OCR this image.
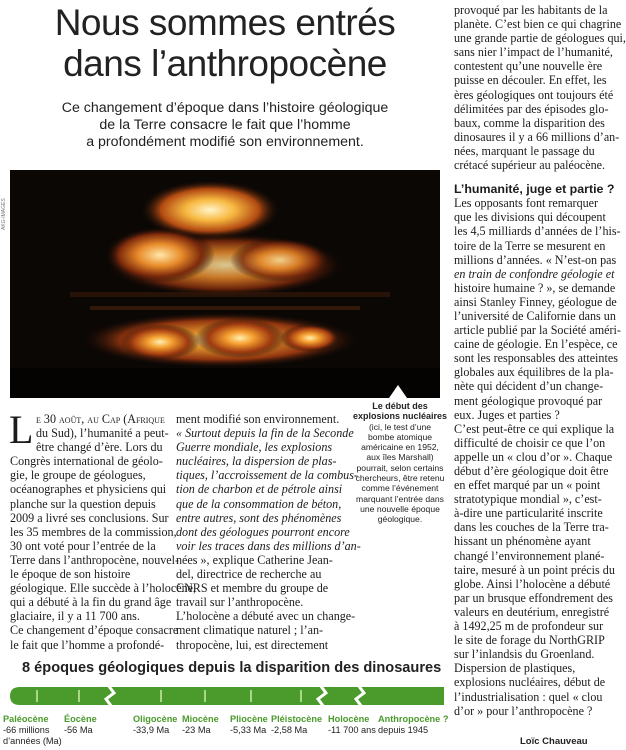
Nous sommes entrés
dans l’anthropocène
Ce changement d’époque dans l’histoire géologique
de la Terre consacre le fait que l’homme
a profondément modifié son environnement.
AKG-IMAGES
Le début des
explosions nucléaires
(ici, le test d’une
bombe atomique
américaine en 1952,
aux îles Marshall)
pourrait, selon certains
chercheurs, être retenu
comme l’événement
marquant l’entrée dans
une nouvelle époque
géologique.
L e 30 août, au Cap (Afrique
du Sud), l’humanité a peut-
être changé d’ère. Lors du
Congrès international de géolo-
gie, le groupe de géologues,
océanographes et physiciens qui
planche sur la question depuis
2009 a livré ses conclusions. Sur
les 35 membres de la commission,
30 ont voté pour l’entrée de la
Terre dans l’anthropocène, nouvel-
le époque de son histoire
géologique. Elle succède à l’holocène,
qui a débuté à la fin du grand âge
glaciaire, il y a 11 700 ans.
Ce changement d’époque consacre
le fait que l’homme a profondé-
ment modifié son environnement.
« Surtout depuis la fin de la Seconde
Guerre mondiale, les explosions
nucléaires, la dispersion de plas-
tiques, l’accroissement de la combus-
tion de charbon et de pétrole ainsi
que de la consommation de béton,
entre autres, sont des phénomènes
dont des géologues pourront encore
voir les traces dans des millions d’an-
nées », explique Catherine Jean-
del, directrice de recherche au
CNRS et membre du groupe de
travail sur l’anthropocène.
L’holocène a débuté avec un change-
ment climatique naturel ; l’an-
thropocène, lui, est directement
provoqué par les habitants de la
planète. C’est bien ce qui chagrine
une grande partie de géologues qui,
sans nier l’impact de l’humanité,
contestent qu’une nouvelle ère
puisse en découler. En effet, les
ères géologiques ont toujours été
délimitées par des épisodes glo-
baux, comme la disparition des
dinosaures il y a 66 millions d’an-
nées, marquant le passage du
crétacé supérieur au paléocène.
L’humanité, juge et partie ?
Les opposants font remarquer
que les divisions qui découpent
les 4,5 milliards d’années de l’his-
toire de la Terre se mesurent en
millions d’années. « N’est-on pas
en train de confondre géologie et
histoire humaine ? », se demande
ainsi Stanley Finney, géologue de
l’université de Californie dans un
article publié par la Société améri-
caine de géologie. En l’espèce, ce
sont les responsables des atteintes
globales aux équilibres de la pla-
nète qui décident d’un change-
ment géologique provoqué par
eux. Juges et parties ?
C’est peut-être ce qui explique la
difficulté de choisir ce que l’on
appelle un « clou d’or ». Chaque
début d’ère géologique doit être
en effet marqué par un « point
stratotypique mondial », c’est-
à-dire une particularité inscrite
dans les couches de la Terre tra-
hissant un phénomène ayant
changé l’environnement plané-
taire, mesuré à un point précis du
globe. Ainsi l’holocène a débuté
par un brusque effondrement des
valeurs en deutérium, enregistré
à 1492,25 m de profondeur sur
le site de forage du NorthGRIP
sur l’inlandsis du Groenland.
Dispersion de plastiques,
explosions nucléaires, début de
l’industrialisation : quel « clou
d’or » pour l’anthropocène ?
Loïc Chauveau
8 époques géologiques depuis la disparition des dinosaures
Paléocène
-66 millions
d’années (Ma)
Éocène
-56 Ma
Oligocène
-33,9 Ma
Miocène
-23 Ma
Pliocène
-5,33 Ma
Pléistocène
-2,58 Ma
Holocène
-11 700 ans
Anthropocène ?
depuis 1945
